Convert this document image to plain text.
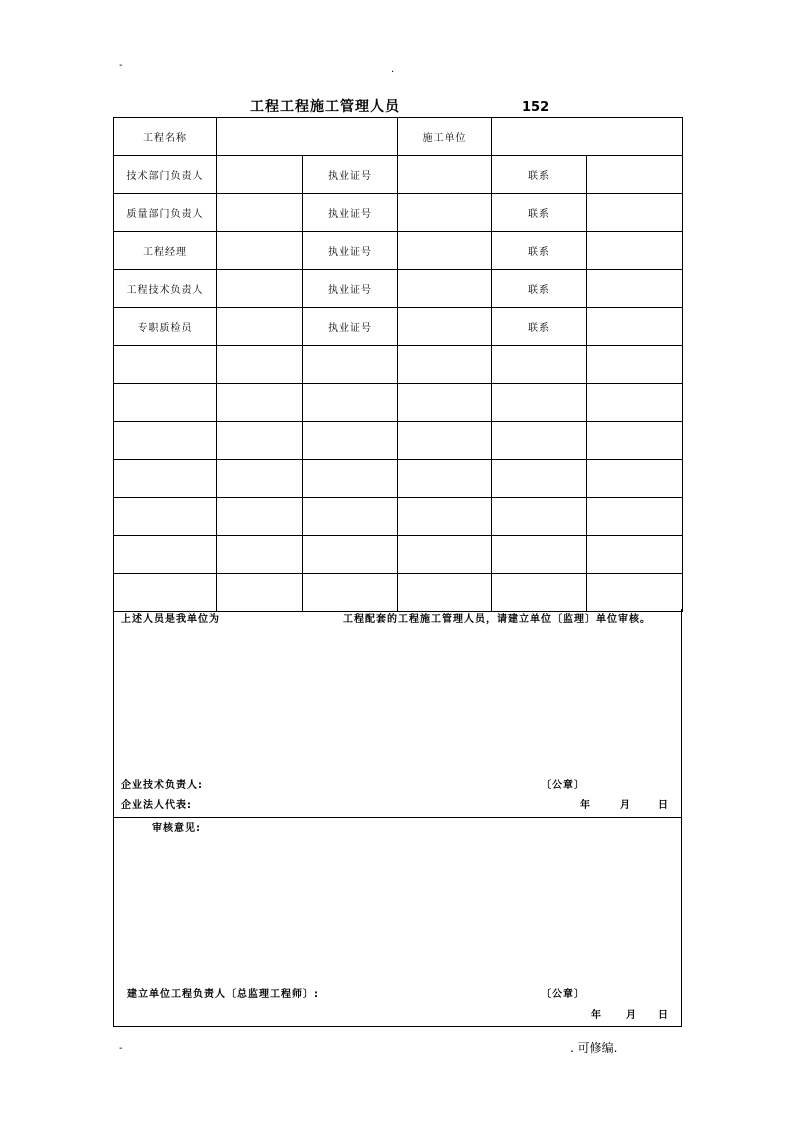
-	.
工程工程施工管理人员	152
工程名称			施工单位		
技术部门负责人		执业证号		联系	
质量部门负责人		执业证号		联系	
工程经理		执业证号		联系	
工程技术负责人		执业证号		联系	
专职质检员		执业证号		联系	

上述人员是我单位为	工程配套的工程施工管理人员，请建立单位〔监理〕单位审核。
企业技术负责人:	〔公章〕
企业法人代表:	年	月	日
审核意见:
建立单位工程负责人〔总监理工程师〕:	〔公章〕
年 月 日
-	. 可修编.
